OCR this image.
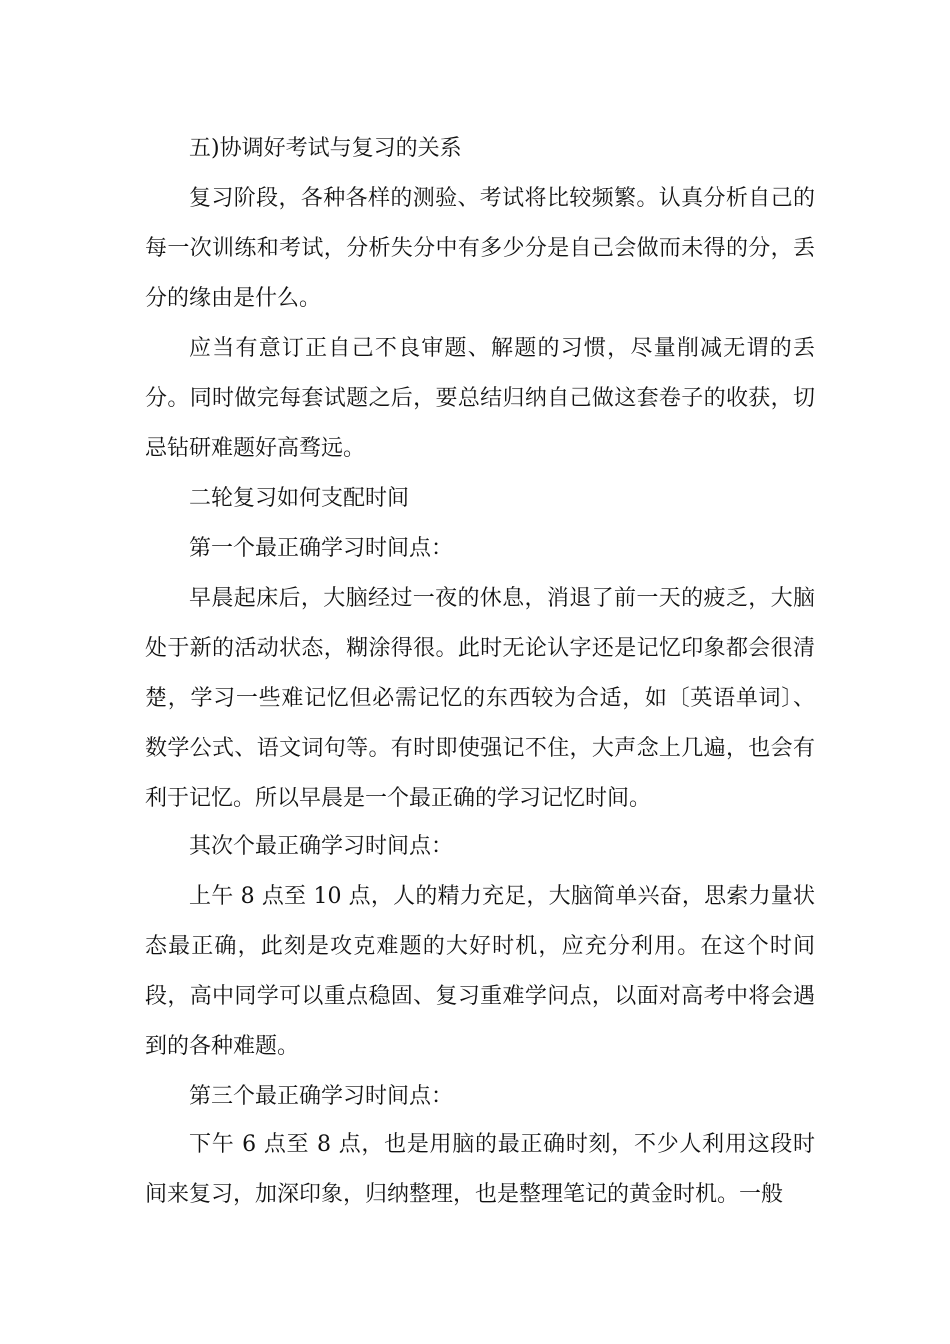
五)协调好考试与复习的关系

复习阶段，各种各样的测验、考试将比较频繁。认真分析自己的每一次训练和考试，分析失分中有多少分是自己会做而未得的分，丢分的缘由是什么。

应当有意订正自己不良审题、解题的习惯，尽量削减无谓的丢分。同时做完每套试题之后，要总结归纳自己做这套卷子的收获，切忌钻研难题好高骛远。

二轮复习如何支配时间

第一个最正确学习时间点：

早晨起床后，大脑经过一夜的休息，消退了前一天的疲乏，大脑处于新的活动状态，糊涂得很。此时无论认字还是记忆印象都会很清楚，学习一些难记忆但必需记忆的东西较为合适，如〔英语单词〕、数学公式、语文词句等。有时即使强记不住，大声念上几遍，也会有利于记忆。所以早晨是一个最正确的学习记忆时间。

其次个最正确学习时间点：

上午 8 点至 10 点，人的精力充足，大脑简单兴奋，思索力量状态最正确，此刻是攻克难题的大好时机，应充分利用。在这个时间段，高中同学可以重点稳固、复习重难学问点，以面对高考中将会遇到的各种难题。

第三个最正确学习时间点：

下午 6 点至 8 点，也是用脑的最正确时刻，不少人利用这段时间来复习，加深印象，归纳整理，也是整理笔记的黄金时机。一般
